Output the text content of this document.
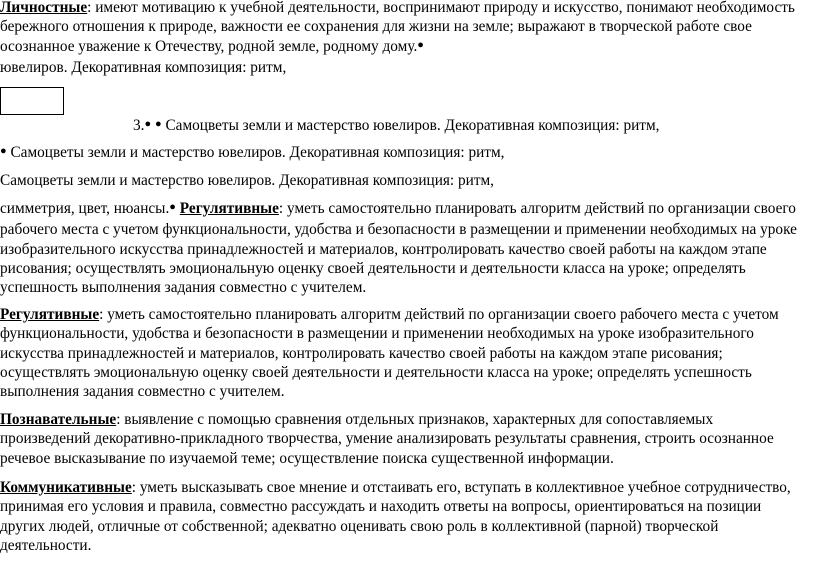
Личностные: имеют мотивацию к учебной деятельности, воспринимают природу и искусство, понимают необходимость бережного отношения к природе, важности ее сохранения для жизни на земле; выражают в творческой работе свое осознанное уважение к Отечеству, родной земле, родному дому.●
ювелиров. Декоративная композиция: ритм,

3.● ● Самоцветы земли и мастерство ювелиров. Декоративная композиция: ритм,

● Самоцветы земли и мастерство ювелиров. Декоративная композиция: ритм,

Самоцветы земли и мастерство ювелиров. Декоративная композиция: ритм,

симметрия, цвет, нюансы.● Регулятивные: уметь самостоятельно планировать алгоритм действий по организации своего рабочего места с учетом функциональности, удобства и безопасности в размещении и применении необходимых на уроке изобразительного искусства принадлежностей и материалов, контролировать качество своей работы на каждом этапе рисования; осуществлять эмоциональную оценку своей деятельности и деятельности класса на уроке; определять успешность выполнения задания совместно с учителем.

Регулятивные: уметь самостоятельно планировать алгоритм действий по организации своего рабочего места с учетом функциональности, удобства и безопасности в размещении и применении необходимых на уроке изобразительного искусства принадлежностей и материалов, контролировать качество своей работы на каждом этапе рисования; осуществлять эмоциональную оценку своей деятельности и деятельности класса на уроке; определять успешность выполнения задания совместно с учителем.

Познавательные: выявление с помощью сравнения отдельных признаков, характерных для сопоставляемых произведений декоративно-прикладного творчества, умение анализировать результаты сравнения, строить осознанное речевое высказывание по изучаемой теме; осуществление поиска существенной информации.

Коммуникативные: уметь высказывать свое мнение и отстаивать его, вступать в коллективное учебное сотрудничество, принимая его условия и правила, совместно рассуждать и находить ответы на вопросы, ориентироваться на позиции других людей, отличные от собственной; адекватно оценивать свою роль в коллективной (парной) творческой деятельности.
